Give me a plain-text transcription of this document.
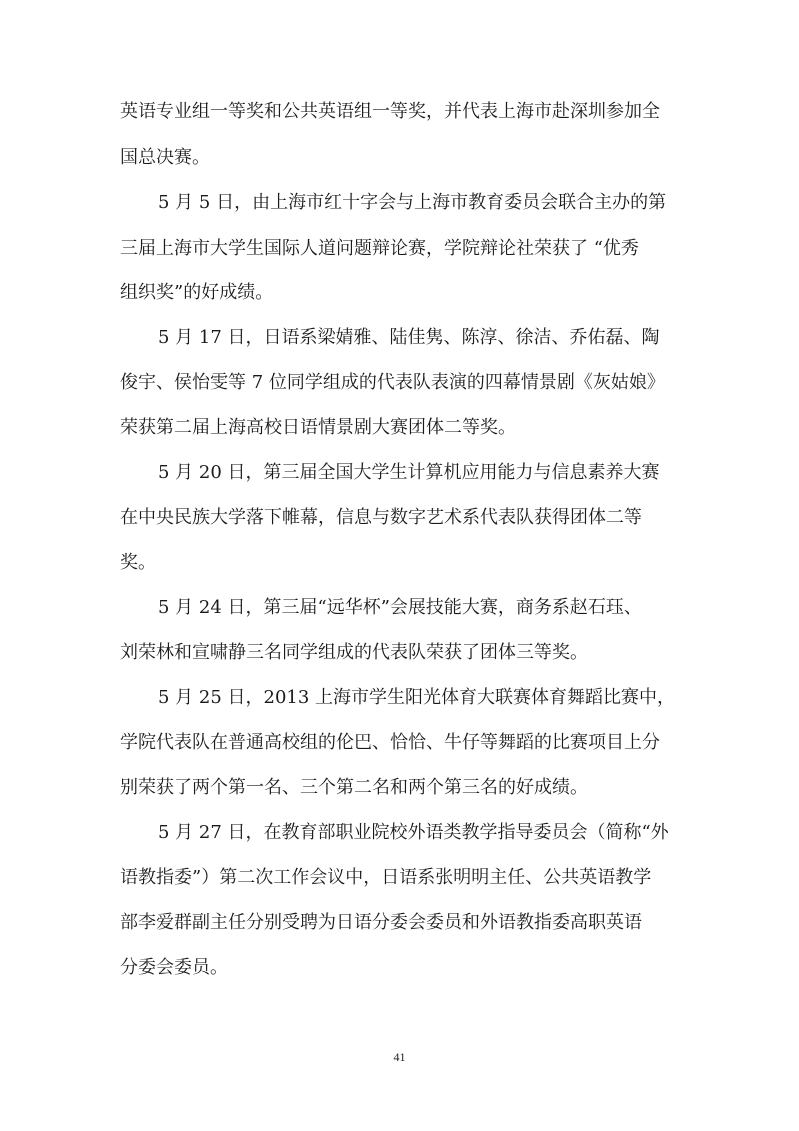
英语专业组一等奖和公共英语组一等奖，并代表上海市赴深圳参加全
国总决赛。
5 月 5 日，由上海市红十字会与上海市教育委员会联合主办的第
三届上海市大学生国际人道问题辩论赛，学院辩论社荣获了 “优秀
组织奖”的好成绩。
5 月 17 日，日语系梁婧雅、陆佳隽、陈淳、徐洁、乔佑磊、陶
俊宇、侯怡雯等 7 位同学组成的代表队表演的四幕情景剧《灰姑娘》
荣获第二届上海高校日语情景剧大赛团体二等奖。
5 月 20 日，第三届全国大学生计算机应用能力与信息素养大赛
在中央民族大学落下帷幕，信息与数字艺术系代表队获得团体二等
奖。
5 月 24 日，第三届“远华杯”会展技能大赛，商务系赵石珏、
刘荣林和宣啸静三名同学组成的代表队荣获了团体三等奖。
5 月 25 日，2013 上海市学生阳光体育大联赛体育舞蹈比赛中，
学院代表队在普通高校组的伦巴、恰恰、牛仔等舞蹈的比赛项目上分
别荣获了两个第一名、三个第二名和两个第三名的好成绩。
5 月 27 日，在教育部职业院校外语类教学指导委员会（简称“外
语教指委”）第二次工作会议中，日语系张明明主任、公共英语教学
部李爱群副主任分别受聘为日语分委会委员和外语教指委高职英语
分委会委员。
41
